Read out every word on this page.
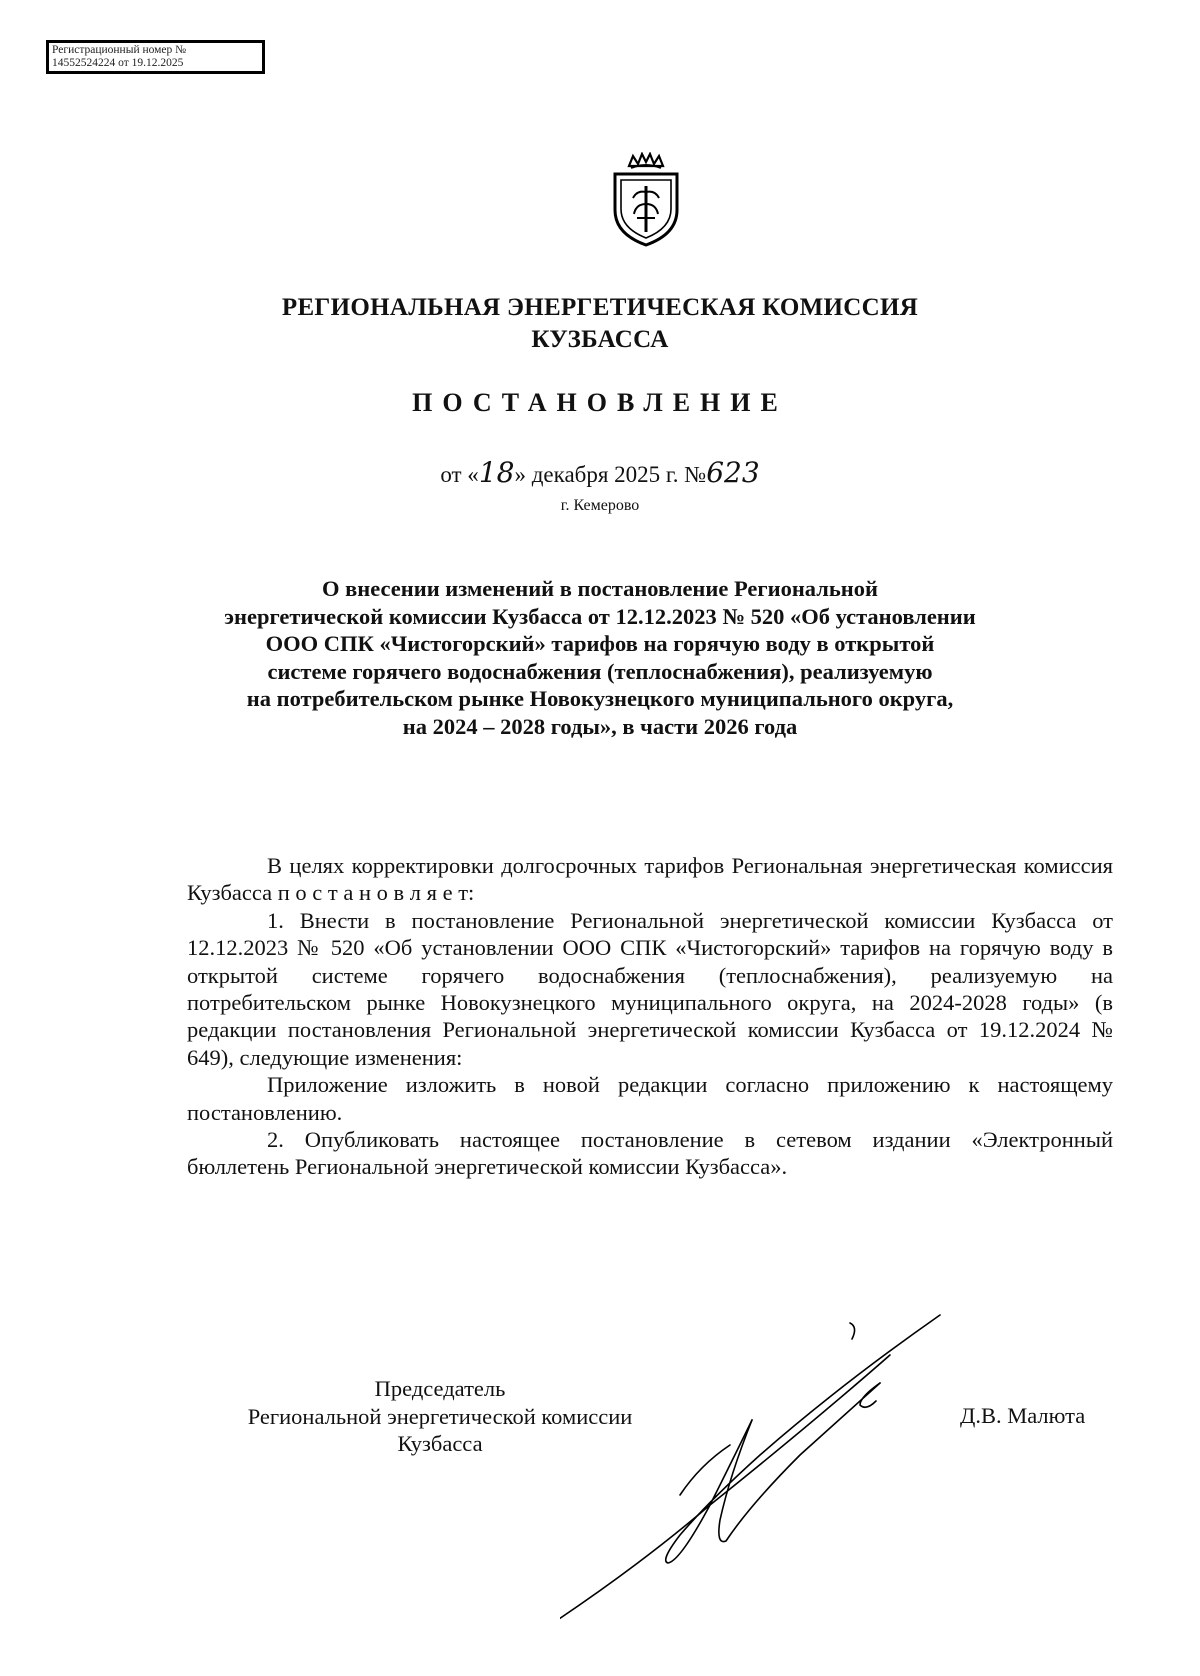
Регистрационный номер №
14552524224 от 19.12.2025
РЕГИОНАЛЬНАЯ ЭНЕРГЕТИЧЕСКАЯ КОМИССИЯ
КУЗБАССА
ПОСТАНОВЛЕНИЕ
от «18» декабря 2025 г. №623
г. Кемерово
О внесении изменений в постановление Региональной
энергетической комиссии Кузбасса от 12.12.2023 № 520 «Об установлении
ООО СПК «Чистогорский» тарифов на горячую воду в открытой
системе горячего водоснабжения (теплоснабжения), реализуемую
на потребительском рынке Новокузнецкого муниципального округа,
на 2024 – 2028 годы», в части 2026 года

В целях корректировки долгосрочных тарифов Региональная энергетическая комиссия Кузбасса п о с т а н о в л я е т:

1. Внести в постановление Региональной энергетической комиссии Кузбасса от 12.12.2023 № 520 «Об установлении ООО СПК «Чистогорский» тарифов на горячую воду в открытой системе горячего водоснабжения (теплоснабжения), реализуемую на потребительском рынке Новокузнецкого муниципального округа, на 2024-2028 годы» (в редакции постановления Региональной энергетической комиссии Кузбасса от 19.12.2024 № 649), следующие изменения:

Приложение изложить в новой редакции согласно приложению к настоящему постановлению.

2. Опубликовать настоящее постановление в сетевом издании «Электронный бюллетень Региональной энергетической комиссии Кузбасса».

Председатель
Региональной энергетической комиссии
Кузбасса
Д.В. Малюта
